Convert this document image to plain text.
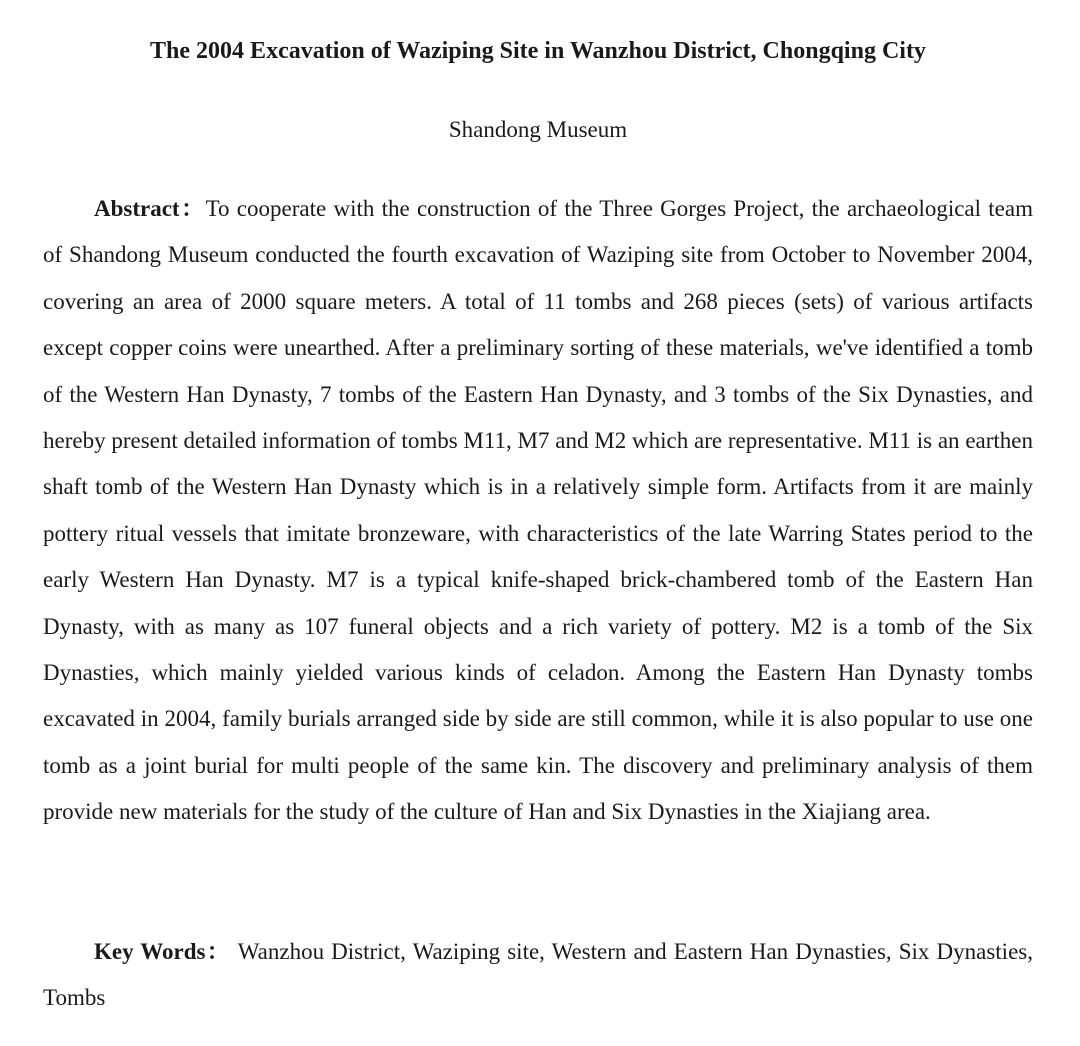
The 2004 Excavation of Waziping Site in Wanzhou District, Chongqing City

Shandong Museum

Abstract：To cooperate with the construction of the Three Gorges Project, the archaeological team of Shandong Museum conducted the fourth excavation of Waziping site from October to November 2004, covering an area of 2000 square meters. A total of 11 tombs and 268 pieces (sets) of various artifacts except copper coins were unearthed. After a preliminary sorting of these materials, we've identified a tomb of the Western Han Dynasty, 7 tombs of the Eastern Han Dynasty, and 3 tombs of the Six Dynasties, and hereby present detailed information of tombs M11, M7 and M2 which are representative. M11 is an earthen shaft tomb of the Western Han Dynasty which is in a relatively simple form. Artifacts from it are mainly pottery ritual vessels that imitate bronzeware, with characteristics of the late Warring States period to the early Western Han Dynasty. M7 is a typical knife-shaped brick-chambered tomb of the Eastern Han Dynasty, with as many as 107 funeral objects and a rich variety of pottery. M2 is a tomb of the Six Dynasties, which mainly yielded various kinds of celadon. Among the Eastern Han Dynasty tombs excavated in 2004, family burials arranged side by side are still common, while it is also popular to use one tomb as a joint burial for multi people of the same kin. The discovery and preliminary analysis of them provide new materials for the study of the culture of Han and Six Dynasties in the Xiajiang area.

Key Words： Wanzhou District, Waziping site, Western and Eastern Han Dynasties, Six Dynasties, Tombs
